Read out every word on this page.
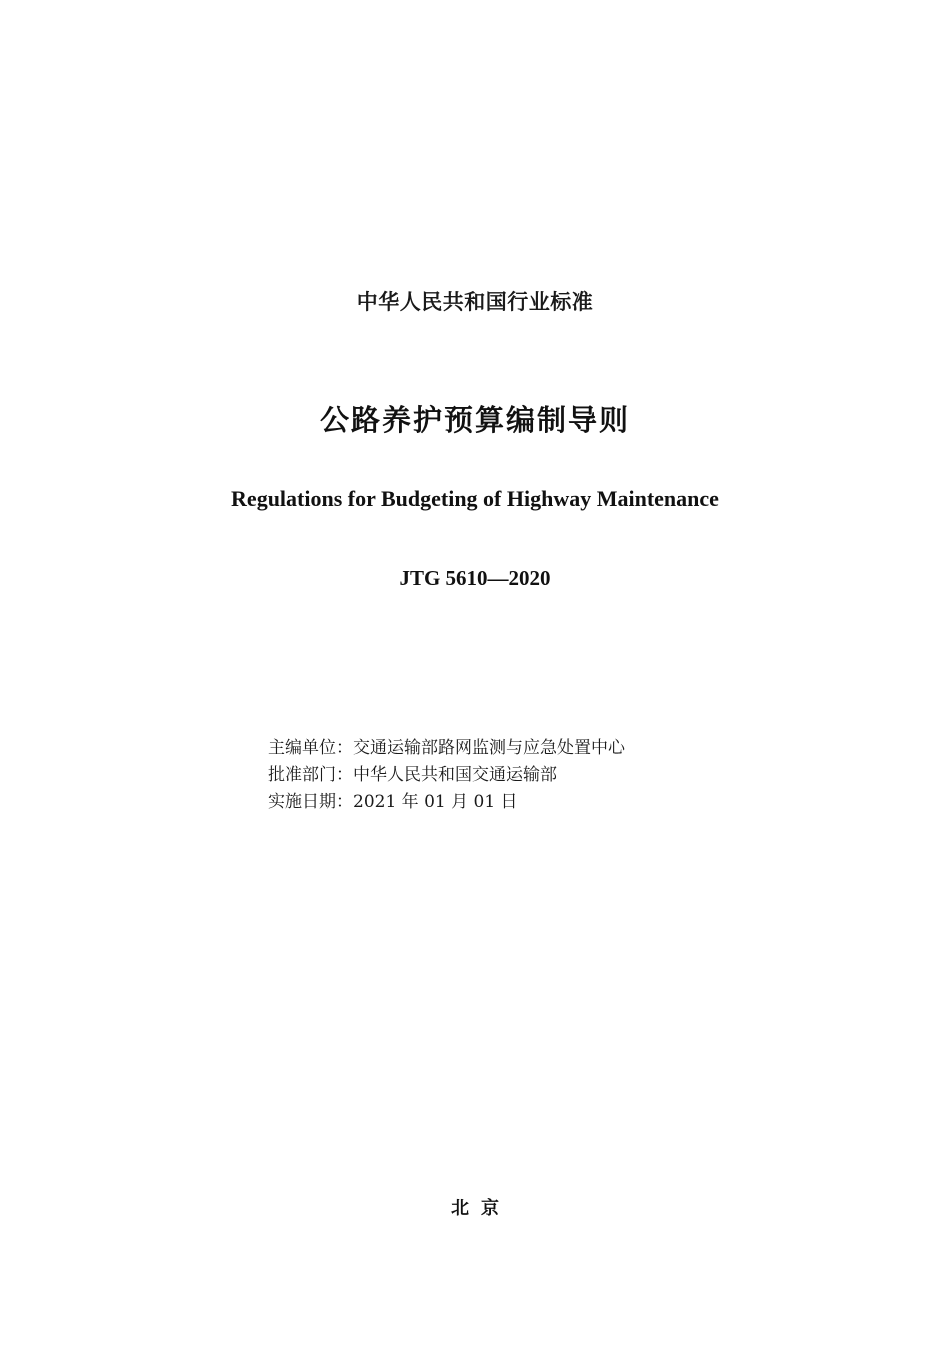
中华人民共和国行业标准
公路养护预算编制导则
Regulations for Budgeting of Highway Maintenance
JTG 5610—2020
主编单位：交通运输部路网监测与应急处置中心
批准部门：中华人民共和国交通运输部
实施日期：2021 年 01 月 01 日
北京
